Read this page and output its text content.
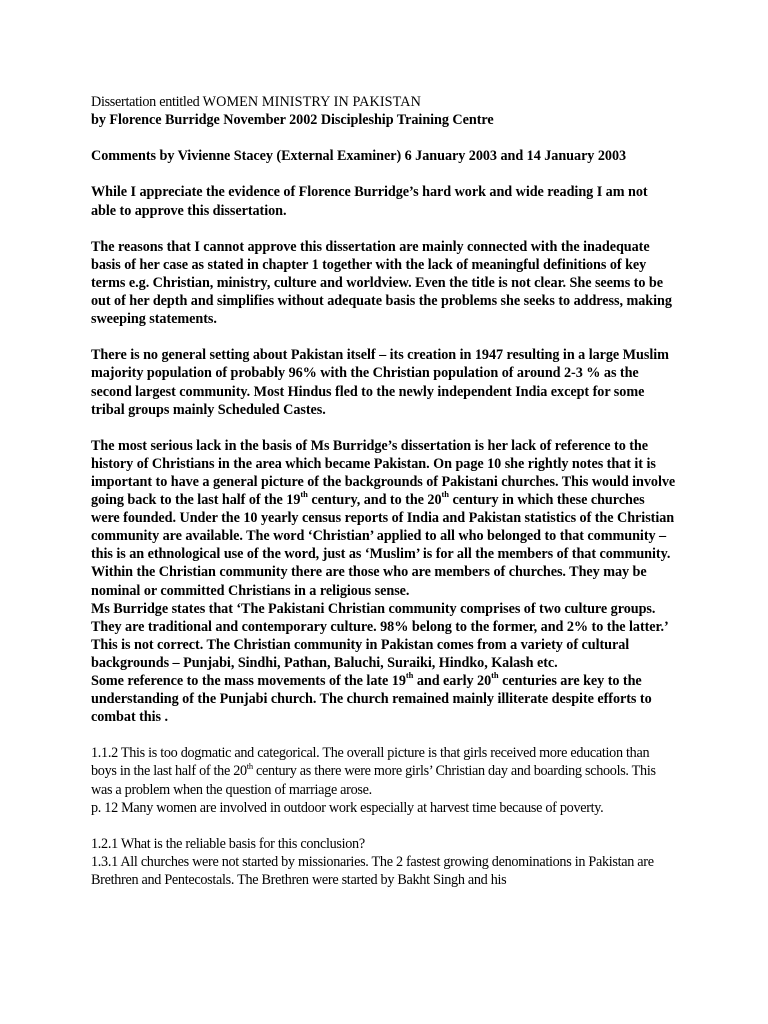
Dissertation entitled WOMEN MINISTRY IN PAKISTAN

by Florence Burridge November 2002 Discipleship Training Centre

Comments by Vivienne Stacey (External Examiner) 6 January 2003 and 14 January 2003

While I appreciate the evidence of Florence Burridge’s hard work and wide reading I am not able to approve this dissertation.

The reasons that I cannot approve this dissertation are mainly connected with the inadequate basis of her case as stated in chapter 1 together with the lack of meaningful definitions of key terms e.g. Christian, ministry, culture and worldview. Even the title is not clear. She seems to be out of her depth and simplifies without adequate basis the problems she seeks to address, making sweeping statements.

There is no general setting about Pakistan itself – its creation in 1947 resulting in a large Muslim majority population of probably 96% with the Christian population of around 2-3 % as the second largest community. Most Hindus fled to the newly independent India except for some tribal groups mainly Scheduled Castes.

The most serious lack in the basis of Ms Burridge’s dissertation is her lack of reference to the history of Christians in the area which became Pakistan. On page 10 she rightly notes that it is important to have a general picture of the backgrounds of Pakistani churches. This would involve going back to the last half of the 19th century, and to the 20th century in which these churches were founded. Under the 10 yearly census reports of India and Pakistan statistics of the Christian community are available. The word ‘Christian’ applied to all who belonged to that community – this is an ethnological use of the word, just as ‘Muslim’ is for all the members of that community. Within the Christian community there are those who are members of churches. They may be nominal or committed Christians in a religious sense.

Ms Burridge states that ‘The Pakistani Christian community comprises of two culture groups. They are traditional and contemporary culture. 98% belong to the former, and 2% to the latter.’ This is not correct. The Christian community in Pakistan comes from a variety of cultural backgrounds – Punjabi, Sindhi, Pathan, Baluchi, Suraiki, Hindko, Kalash etc.

Some reference to the mass movements of the late 19th and early 20th centuries are key to the understanding of the Punjabi church. The church remained mainly illiterate despite efforts to combat this .

1.1.2 This is too dogmatic and categorical. The overall picture is that girls received more education than boys in the last half of the 20th century as there were more girls’ Christian day and boarding schools. This was a problem when the question of marriage arose.

p. 12 Many women are involved in outdoor work especially at harvest time because of poverty.

1.2.1 What is the reliable basis for this conclusion?

1.3.1 All churches were not started by missionaries. The 2 fastest growing denominations in Pakistan are Brethren and Pentecostals. The Brethren were started by Bakht Singh and his
